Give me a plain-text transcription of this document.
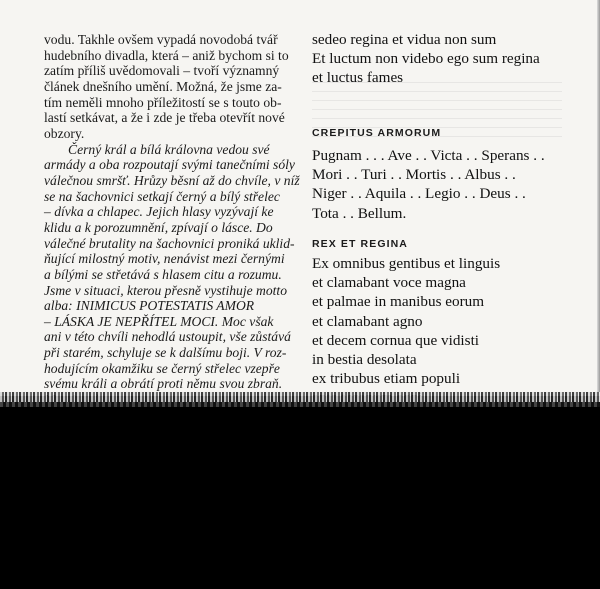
vodu. Takhle ovšem vypadá novodobá tvář
hudebního divadla, která – aniž bychom si to
zatím příliš uvědomovali – tvoří významný
článek dnešního umění. Možná, že jsme za-
tím neměli mnoho příležitostí se s touto ob-
lastí setkávat, a že i zde je třeba otevřít nové
obzory.
Černý král a bílá královna vedou své
armády a oba rozpoutají svými tanečními sóly
válečnou smršť. Hrůzy běsní až do chvíle, v níž
se na šachovnici setkají černý a bílý střelec
– dívka a chlapec. Jejich hlasy vyzývají ke
klidu a k porozumnění, zpívají o lásce. Do
válečné brutality na šachovnici proniká uklid-
ňující milostný motiv, nenávist mezi černými
a bílými se střetává s hlasem citu a rozumu.
Jsme v situaci, kterou přesně vystihuje motto
alba: INIMICUS POTESTATIS AMOR
– LÁSKA JE NEPŘÍTEL MOCI. Moc však
ani v této chvíli nehodlá ustoupit, vše zůstává
při starém, schyluje se k dalšímu boji. V roz-
hodujícím okamžiku se černý střelec vzepře
svému králi a obrátí proti němu svou zbraň.
sedeo regina et vidua non sum
Et luctum non videbo ego sum regina
et luctus fames
CREPITUS ARMORUM
Pugnam . . . Ave . . Victa . . Sperans . .
Mori . . Turi . . Mortis . . Albus . .
Niger . . Aquila . . Legio . . Deus . .
Tota . . Bellum.
REX ET REGINA
Ex omnibus gentibus et linguis
et clamabant voce magna
et palmae in manibus eorum
et clamabant agno
et decem cornua que vidisti
in bestia desolata
ex tribubus etiam populi
